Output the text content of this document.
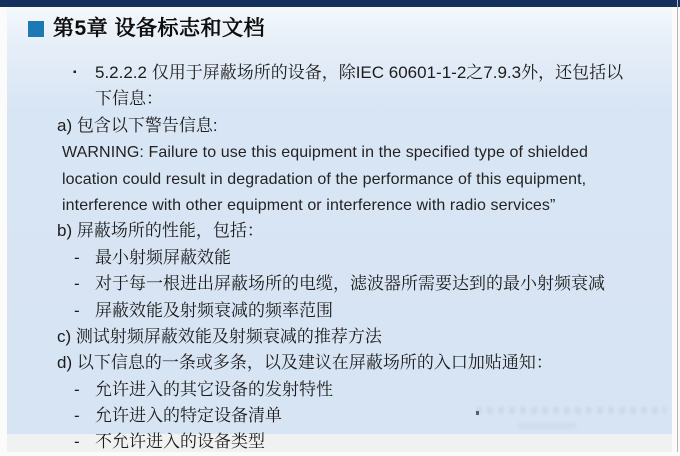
第5章 设备标志和文档
▪ 5.2.2.2 仅用于屏蔽场所的设备，除IEC 60601-1-2之7.9.3外，还包括以
下信息：
a) 包含以下警告信息:
WARNING: Failure to use this equipment in the specified type of shielded
location could result in degradation of the performance of this equipment,
interference with other equipment or interference with radio services”
b) 屏蔽场所的性能，包括：
- 最小射频屏蔽效能
- 对于每一根进出屏蔽场所的电缆，滤波器所需要达到的最小射频衰减
- 屏蔽效能及射频衰减的频率范围
c) 测试射频屏蔽效能及射频衰减的推荐方法
d) 以下信息的一条或多条，以及建议在屏蔽场所的入口加贴通知：
- 允许进入的其它设备的发射特性
- 允许进入的特定设备清单
- 不允许进入的设备类型
